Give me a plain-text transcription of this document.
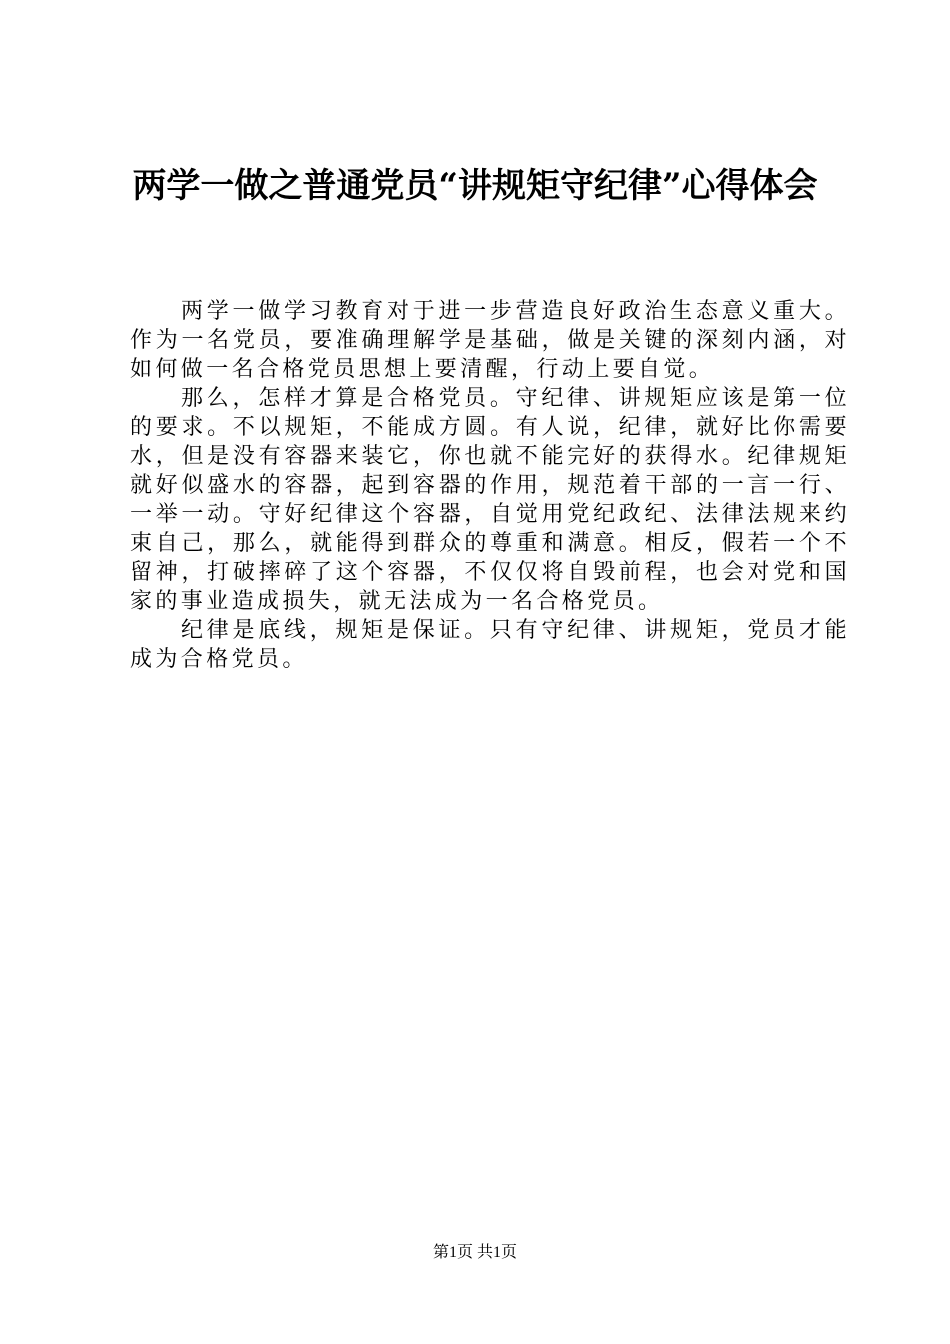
两学一做之普通党员“讲规矩守纪律”心得体会

两学一做学习教育对于进一步营造良好政治生态意义重大。作为一名党员，要准确理解学是基础，做是关键的深刻内涵，对如何做一名合格党员思想上要清醒，行动上要自觉。

那么，怎样才算是合格党员。守纪律、讲规矩应该是第一位的要求。不以规矩，不能成方圆。有人说，纪律，就好比你需要水，但是没有容器来装它，你也就不能完好的获得水。纪律规矩就好似盛水的容器，起到容器的作用，规范着干部的一言一行、一举一动。守好纪律这个容器，自觉用党纪政纪、法律法规来约束自己，那么，就能得到群众的尊重和满意。相反，假若一个不留神，打破摔碎了这个容器，不仅仅将自毁前程，也会对党和国家的事业造成损失，就无法成为一名合格党员。

纪律是底线，规矩是保证。只有守纪律、讲规矩，党员才能成为合格党员。

第1页 共1页
